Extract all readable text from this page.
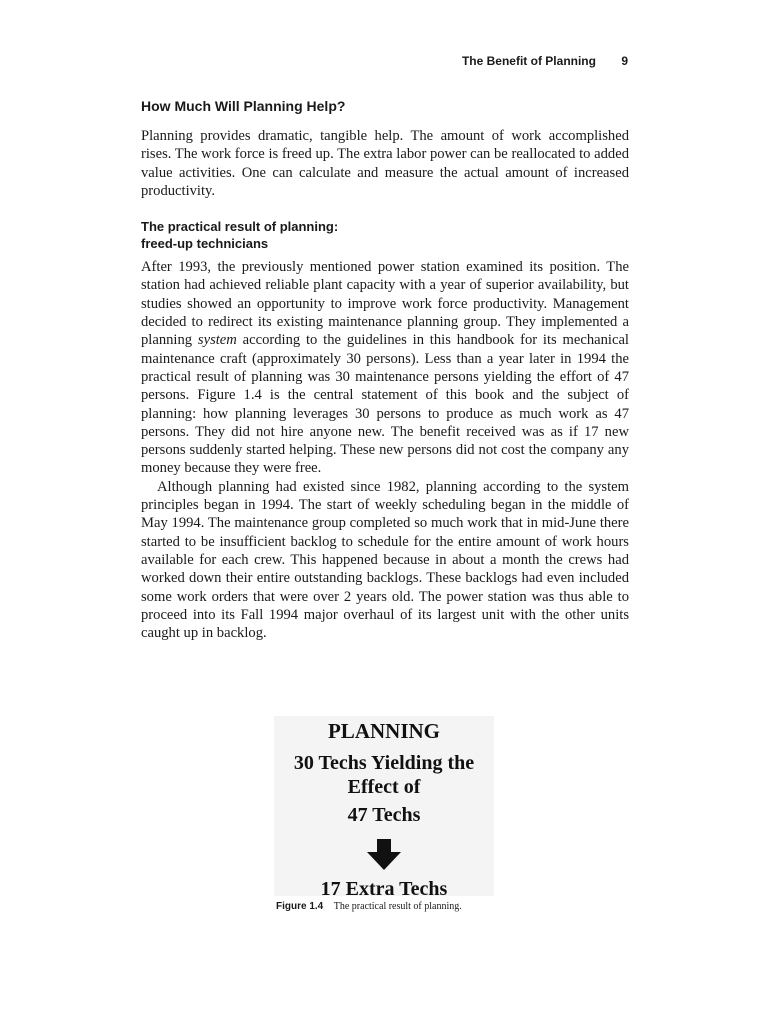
The Benefit of Planning 9
How Much Will Planning Help?

Planning provides dramatic, tangible help. The amount of work accomplished rises. The work force is freed up. The extra labor power can be reallocated to added value activities. One can calculate and measure the actual amount of increased productivity.

The practical result of planning:
freed-up technicians

After 1993, the previously mentioned power station examined its position. The station had achieved reliable plant capacity with a year of superior availability, but studies showed an opportunity to improve work force productivity. Management decided to redirect its existing maintenance planning group. They implemented a planning system according to the guidelines in this handbook for its mechanical maintenance craft (approximately 30 persons). Less than a year later in 1994 the practical result of planning was 30 maintenance persons yielding the effort of 47 persons. Figure 1.4 is the central statement of this book and the subject of planning: how planning leverages 30 persons to produce as much work as 47 persons. They did not hire anyone new. The benefit received was as if 17 new persons suddenly started helping. These new persons did not cost the company any money because they were free.

Although planning had existed since 1982, planning according to the system principles began in 1994. The start of weekly scheduling began in the middle of May 1994. The maintenance group completed so much work that in mid-June there started to be insufficient backlog to schedule for the entire amount of work hours available for each crew. This happened because in about a month the crews had worked down their entire outstanding backlogs. These backlogs had even included some work orders that were over 2 years old. The power station was thus able to proceed into its Fall 1994 major overhaul of its largest unit with the other units caught up in backlog.

PLANNING
30 Techs Yielding the
Effect of
47 Techs
17 Extra Techs
Figure 1.4 The practical result of planning.
